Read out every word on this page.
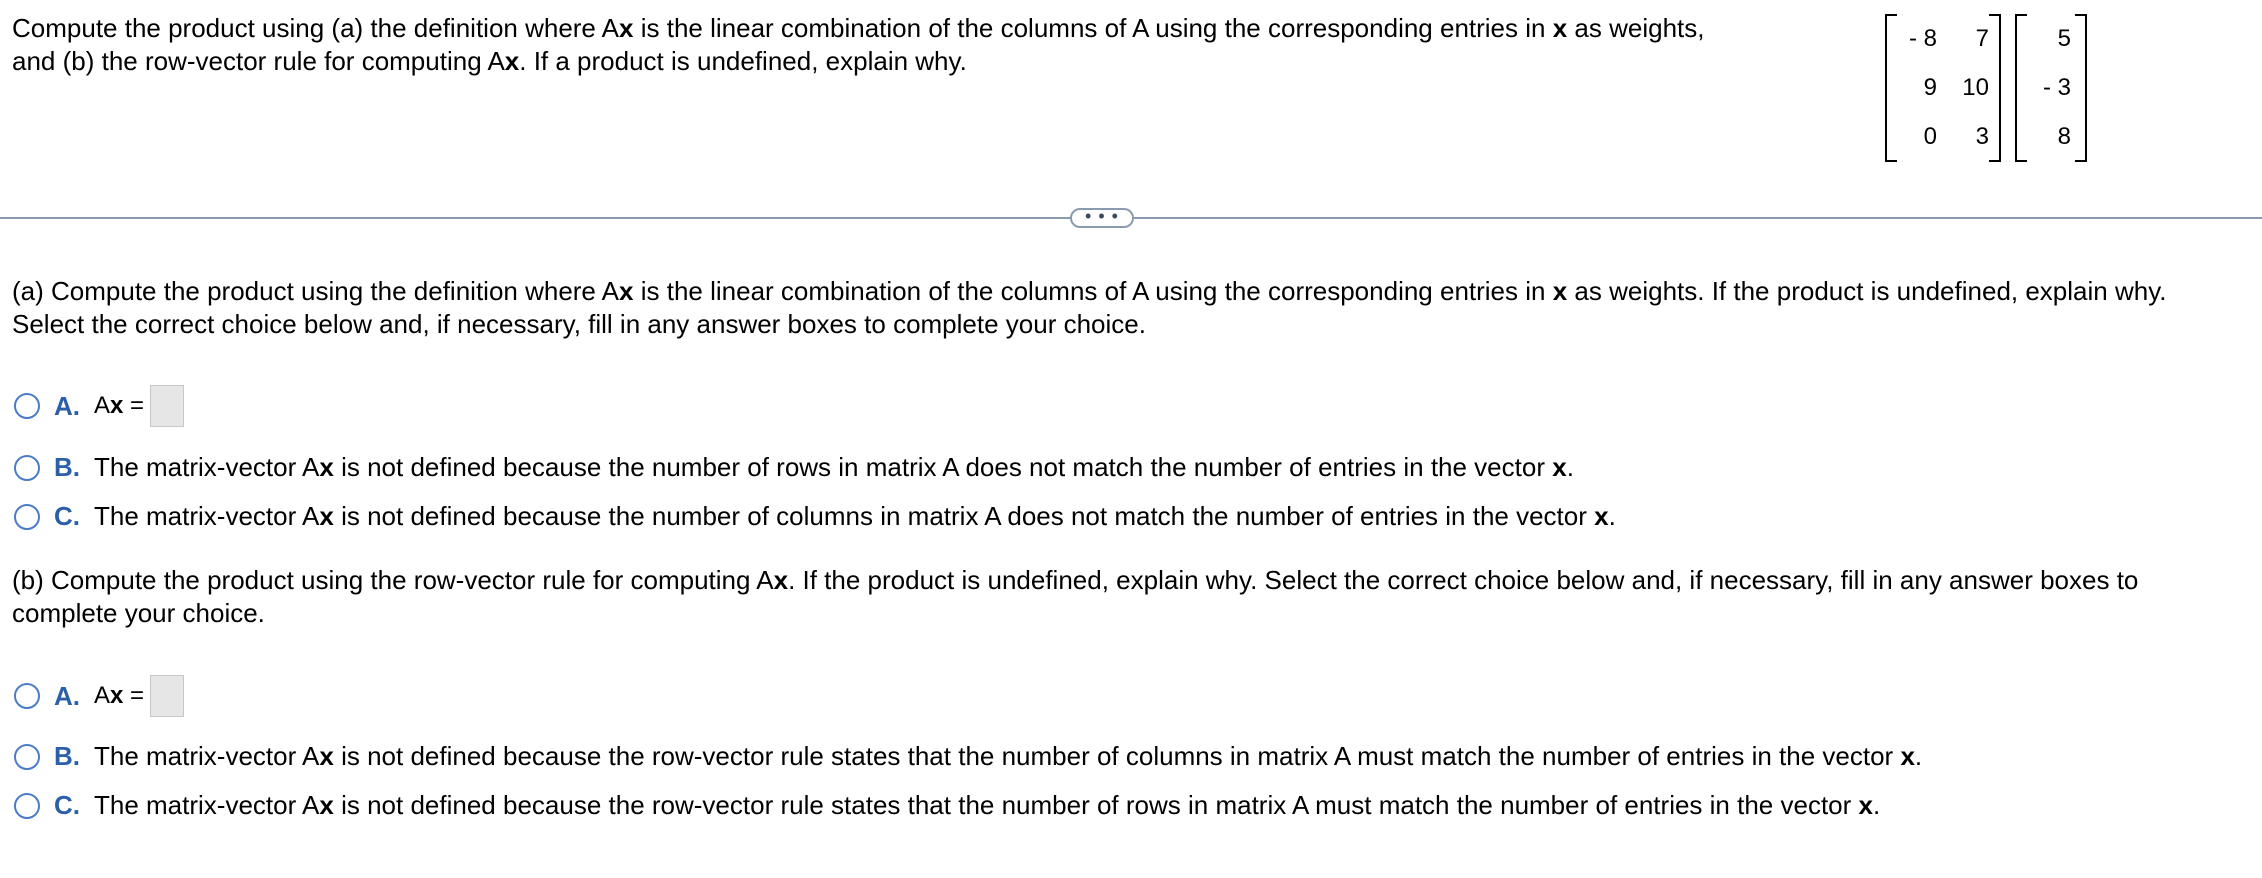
Compute the product using (a) the definition where Ax is the linear combination of the columns of A using the corresponding entries in x as weights,
and (b) the row-vector rule for computing Ax. If a product is undefined, explain why.
- 8	7
9	10
0	3
5
- 3
8
• • •
(a) Compute the product using the definition where Ax is the linear combination of the columns of A using the corresponding entries in x as weights. If the product is undefined, explain why.
Select the correct choice below and, if necessary, fill in any answer boxes to complete your choice.
A. Ax =
B. The matrix-vector Ax is not defined because the number of rows in matrix A does not match the number of entries in the vector x.
C. The matrix-vector Ax is not defined because the number of columns in matrix A does not match the number of entries in the vector x.
(b) Compute the product using the row-vector rule for computing Ax. If the product is undefined, explain why. Select the correct choice below and, if necessary, fill in any answer boxes to
complete your choice.
A. Ax =
B. The matrix-vector Ax is not defined because the row-vector rule states that the number of columns in matrix A must match the number of entries in the vector x.
C. The matrix-vector Ax is not defined because the row-vector rule states that the number of rows in matrix A must match the number of entries in the vector x.
